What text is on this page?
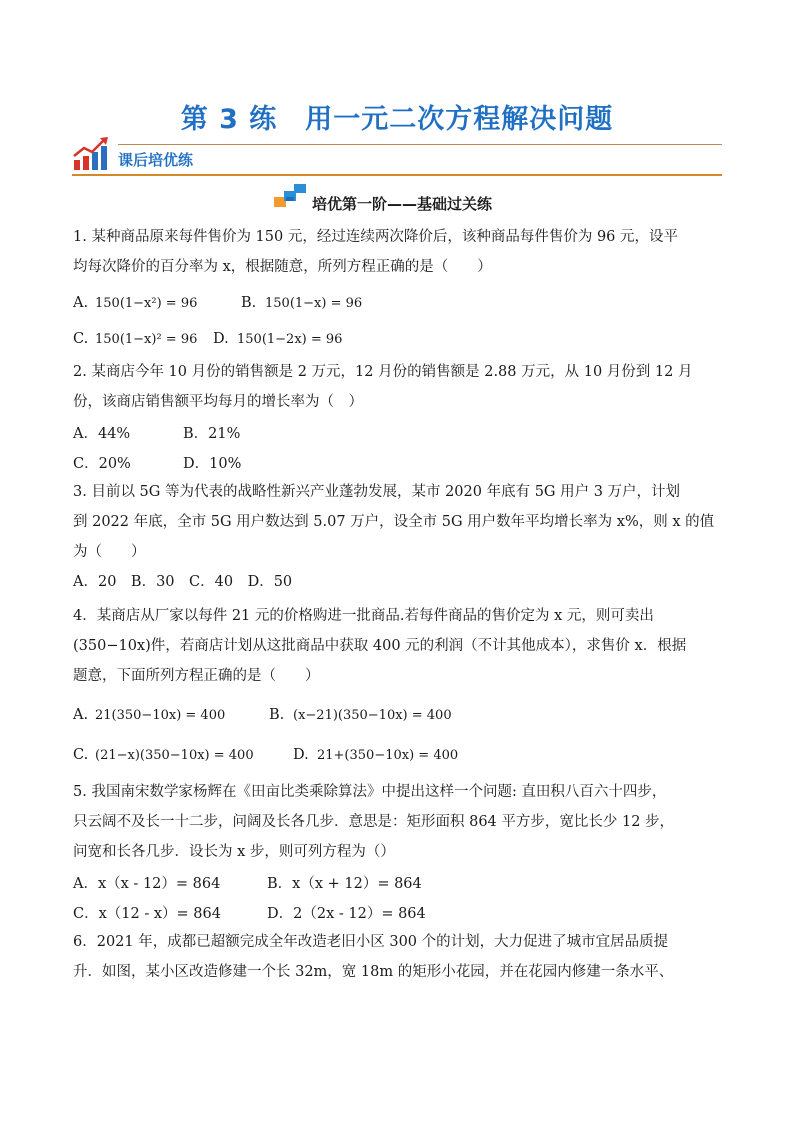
第 3 练　用一元二次方程解决问题
课后培优练
培优第一阶——基础过关练

1. 某种商品原来每件售价为 150 元，经过连续两次降价后，该种商品每件售价为 96 元，设平

均每次降价的百分率为 x，根据随意，所列方程正确的是（　　）

A. 150(1−x²) = 96	B. 150(1−x) = 96
C. 150(1−x)² = 96	D. 150(1−2x) = 96

2. 某商店今年 10 月份的销售额是 2 万元，12 月份的销售额是 2.88 万元，从 10 月份到 12 月

份，该商店销售额平均每月的增长率为（　）

A．44%	B．21%
C．20%	D．10%

3. 目前以 5G 等为代表的战略性新兴产业蓬勃发展，某市 2020 年底有 5G 用户 3 万户，计划

到 2022 年底，全市 5G 用户数达到 5.07 万户，设全市 5G 用户数年平均增长率为 x%，则 x 的值

为（　　）

A．20　B．30　C．40　D．50

4．某商店从厂家以每件 21 元的价格购进一批商品.若每件商品的售价定为 x 元，则可卖出

(350−10x)件，若商店计划从这批商品中获取 400 元的利润（不计其他成本），求售价 x．根据

题意，下面所列方程正确的是（　　）

A. 21(350−10x) = 400	B. (x−21)(350−10x) = 400
C. (21−x)(350−10x) = 400	D. 21+(350−10x) = 400

5. 我国南宋数学家杨辉在《田亩比类乘除算法》中提出这样一个问题: 直田积八百六十四步，

只云阔不及长一十二步，问阔及长各几步．意思是：矩形面积 864 平方步，宽比长少 12 步，

问宽和长各几步．设长为 x 步，则可列方程为（）

A．x（x - 12）= 864	B．x（x + 12）= 864
C．x（12 - x）= 864	D．2（2x - 12）= 864

6．2021 年，成都已超额完成全年改造老旧小区 300 个的计划，大力促进了城市宜居品质提

升．如图，某小区改造修建一个长 32m，宽 18m 的矩形小花园，并在花园内修建一条水平、
